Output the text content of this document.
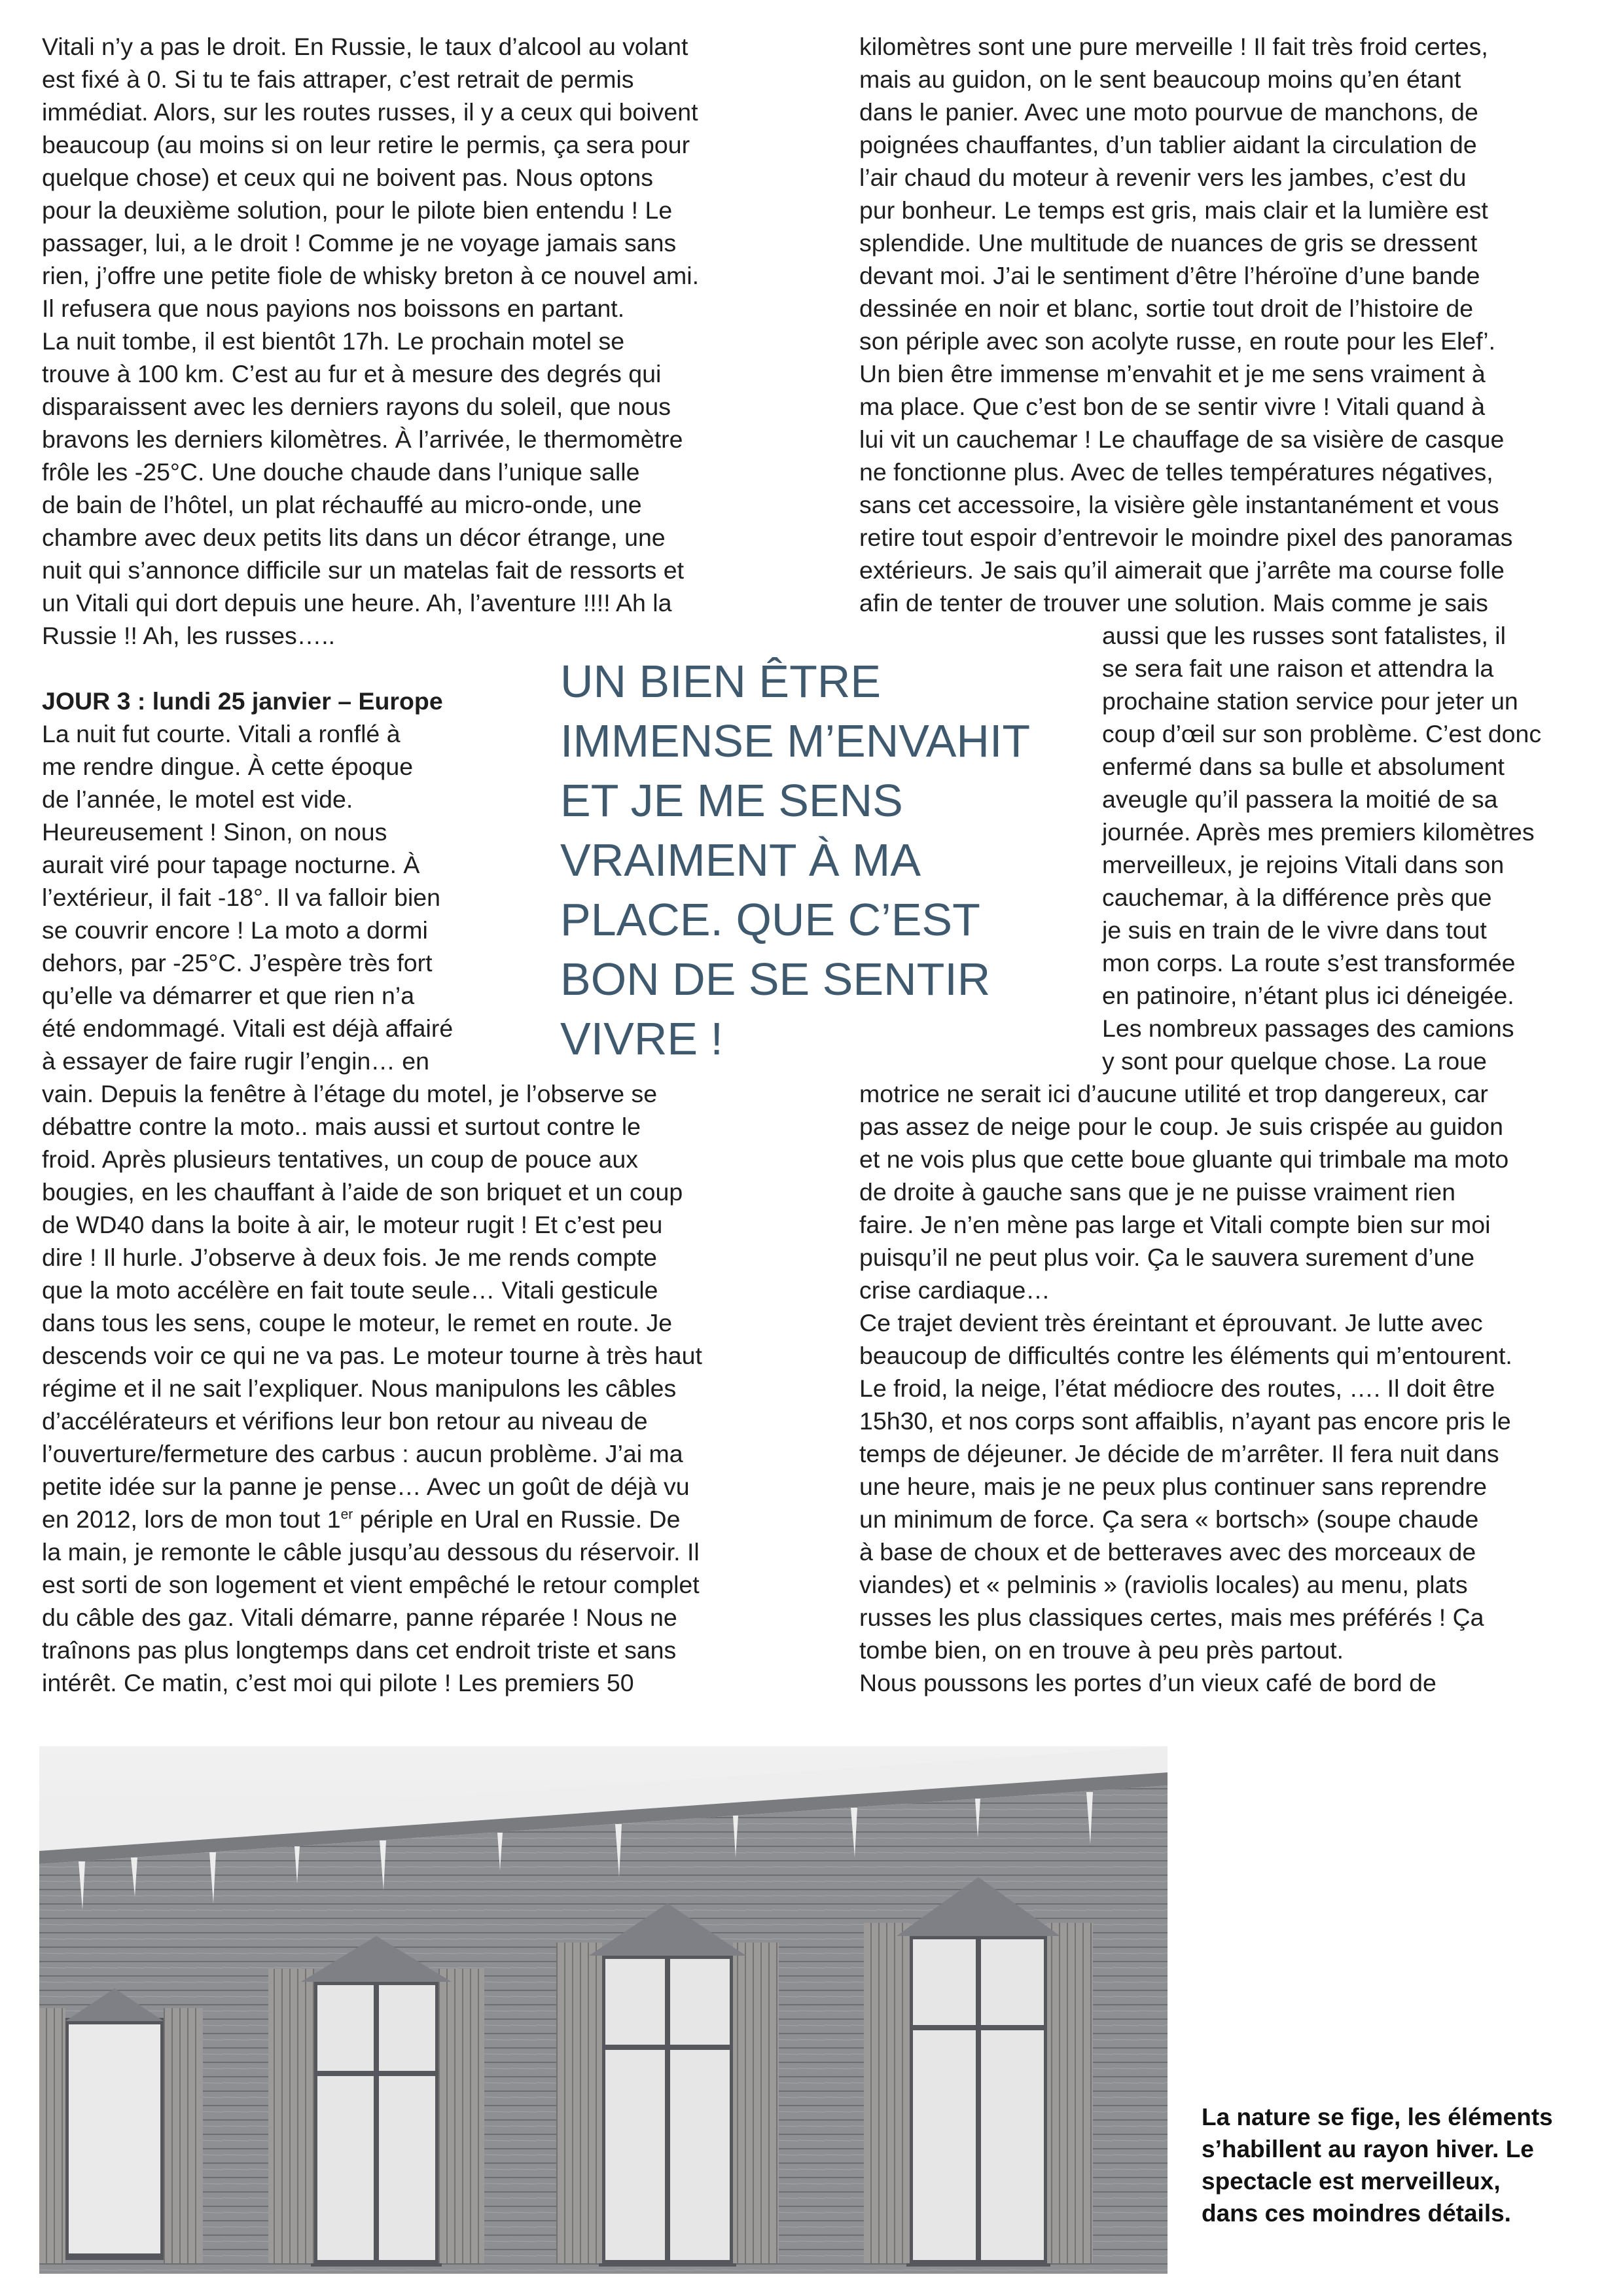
Vitali n’y a pas le droit. En Russie, le taux d’alcool au volant
est fixé à 0. Si tu te fais attraper, c’est retrait de permis
immédiat. Alors, sur les routes russes, il y a ceux qui boivent
beaucoup (au moins si on leur retire le permis, ça sera pour
quelque chose) et ceux qui ne boivent pas. Nous optons
pour la deuxième solution, pour le pilote bien entendu ! Le
passager, lui, a le droit ! Comme je ne voyage jamais sans
rien, j’offre une petite fiole de whisky breton à ce nouvel ami.
Il refusera que nous payions nos boissons en partant.
La nuit tombe, il est bientôt 17h. Le prochain motel se
trouve à 100 km. C’est au fur et à mesure des degrés qui
disparaissent avec les derniers rayons du soleil, que nous
bravons les derniers kilomètres. À l’arrivée, le thermomètre
frôle les -25°C. Une douche chaude dans l’unique salle
de bain de l’hôtel, un plat réchauffé au micro-onde, une
chambre avec deux petits lits dans un décor étrange, une
nuit qui s’annonce difficile sur un matelas fait de ressorts et
un Vitali qui dort depuis une heure. Ah, l’aventure !!!! Ah la
Russie !! Ah, les russes…..
JOUR 3 : lundi 25 janvier – Europe
La nuit fut courte. Vitali a ronflé à
me rendre dingue. À cette époque
de l’année, le motel est vide.
Heureusement ! Sinon, on nous
aurait viré pour tapage nocturne. À
l’extérieur, il fait -18°. Il va falloir bien
se couvrir encore ! La moto a dormi
dehors, par -25°C. J’espère très fort
qu’elle va démarrer et que rien n’a
été endommagé. Vitali est déjà affairé
à essayer de faire rugir l’engin… en
vain. Depuis la fenêtre à l’étage du motel, je l’observe se
débattre contre la moto.. mais aussi et surtout contre le
froid. Après plusieurs tentatives, un coup de pouce aux
bougies, en les chauffant à l’aide de son briquet et un coup
de WD40 dans la boite à air, le moteur rugit ! Et c’est peu
dire ! Il hurle. J’observe à deux fois. Je me rends compte
que la moto accélère en fait toute seule… Vitali gesticule
dans tous les sens, coupe le moteur, le remet en route. Je
descends voir ce qui ne va pas. Le moteur tourne à très haut
régime et il ne sait l’expliquer. Nous manipulons les câbles
d’accélérateurs et vérifions leur bon retour au niveau de
l’ouverture/fermeture des carbus : aucun problème. J’ai ma
petite idée sur la panne je pense… Avec un goût de déjà vu
en 2012, lors de mon tout 1er périple en Ural en Russie. De
la main, je remonte le câble jusqu’au dessous du réservoir. Il
est sorti de son logement et vient empêché le retour complet
du câble des gaz. Vitali démarre, panne réparée ! Nous ne
traînons pas plus longtemps dans cet endroit triste et sans
intérêt. Ce matin, c’est moi qui pilote ! Les premiers 50
UN BIEN ÊTRE
IMMENSE M’ENVAHIT
ET JE ME SENS
VRAIMENT À MA
PLACE. QUE C’EST
BON DE SE SENTIR
VIVRE !
kilomètres sont une pure merveille ! Il fait très froid certes,
mais au guidon, on le sent beaucoup moins qu’en étant
dans le panier. Avec une moto pourvue de manchons, de
poignées chauffantes, d’un tablier aidant la circulation de
l’air chaud du moteur à revenir vers les jambes, c’est du
pur bonheur. Le temps est gris, mais clair et la lumière est
splendide. Une multitude de nuances de gris se dressent
devant moi. J’ai le sentiment d’être l’héroïne d’une bande
dessinée en noir et blanc, sortie tout droit de l’histoire de
son périple avec son acolyte russe, en route pour les Elef’.
Un bien être immense m’envahit et je me sens vraiment à
ma place. Que c’est bon de se sentir vivre ! Vitali quand à
lui vit un cauchemar ! Le chauffage de sa visière de casque
ne fonctionne plus. Avec de telles températures négatives,
sans cet accessoire, la visière gèle instantanément et vous
retire tout espoir d’entrevoir le moindre pixel des panoramas
extérieurs. Je sais qu’il aimerait que j’arrête ma course folle
afin de tenter de trouver une solution. Mais comme je sais
aussi que les russes sont fatalistes, il
se sera fait une raison et attendra la
prochaine station service pour jeter un
coup d’œil sur son problème. C’est donc
enfermé dans sa bulle et absolument
aveugle qu’il passera la moitié de sa
journée. Après mes premiers kilomètres
merveilleux, je rejoins Vitali dans son
cauchemar, à la différence près que
je suis en train de le vivre dans tout
mon corps. La route s’est transformée
en patinoire, n’étant plus ici déneigée.
Les nombreux passages des camions
y sont pour quelque chose. La roue
motrice ne serait ici d’aucune utilité et trop dangereux, car
pas assez de neige pour le coup. Je suis crispée au guidon
et ne vois plus que cette boue gluante qui trimbale ma moto
de droite à gauche sans que je ne puisse vraiment rien
faire. Je n’en mène pas large et Vitali compte bien sur moi
puisqu’il ne peut plus voir. Ça le sauvera surement d’une
crise cardiaque…
Ce trajet devient très éreintant et éprouvant. Je lutte avec
beaucoup de difficultés contre les éléments qui m’entourent.
Le froid, la neige, l’état médiocre des routes, …. Il doit être
15h30, et nos corps sont affaiblis, n’ayant pas encore pris le
temps de déjeuner. Je décide de m’arrêter. Il fera nuit dans
une heure, mais je ne peux plus continuer sans reprendre
un minimum de force. Ça sera « bortsch» (soupe chaude
à base de choux et de betteraves avec des morceaux de
viandes) et « pelminis » (raviolis locales) au menu, plats
russes les plus classiques certes, mais mes préférés ! Ça
tombe bien, on en trouve à peu près partout.
Nous poussons les portes d’un vieux café de bord de
La nature se fige, les éléments
s’habillent au rayon hiver. Le
spectacle est merveilleux,
dans ces moindres détails.
